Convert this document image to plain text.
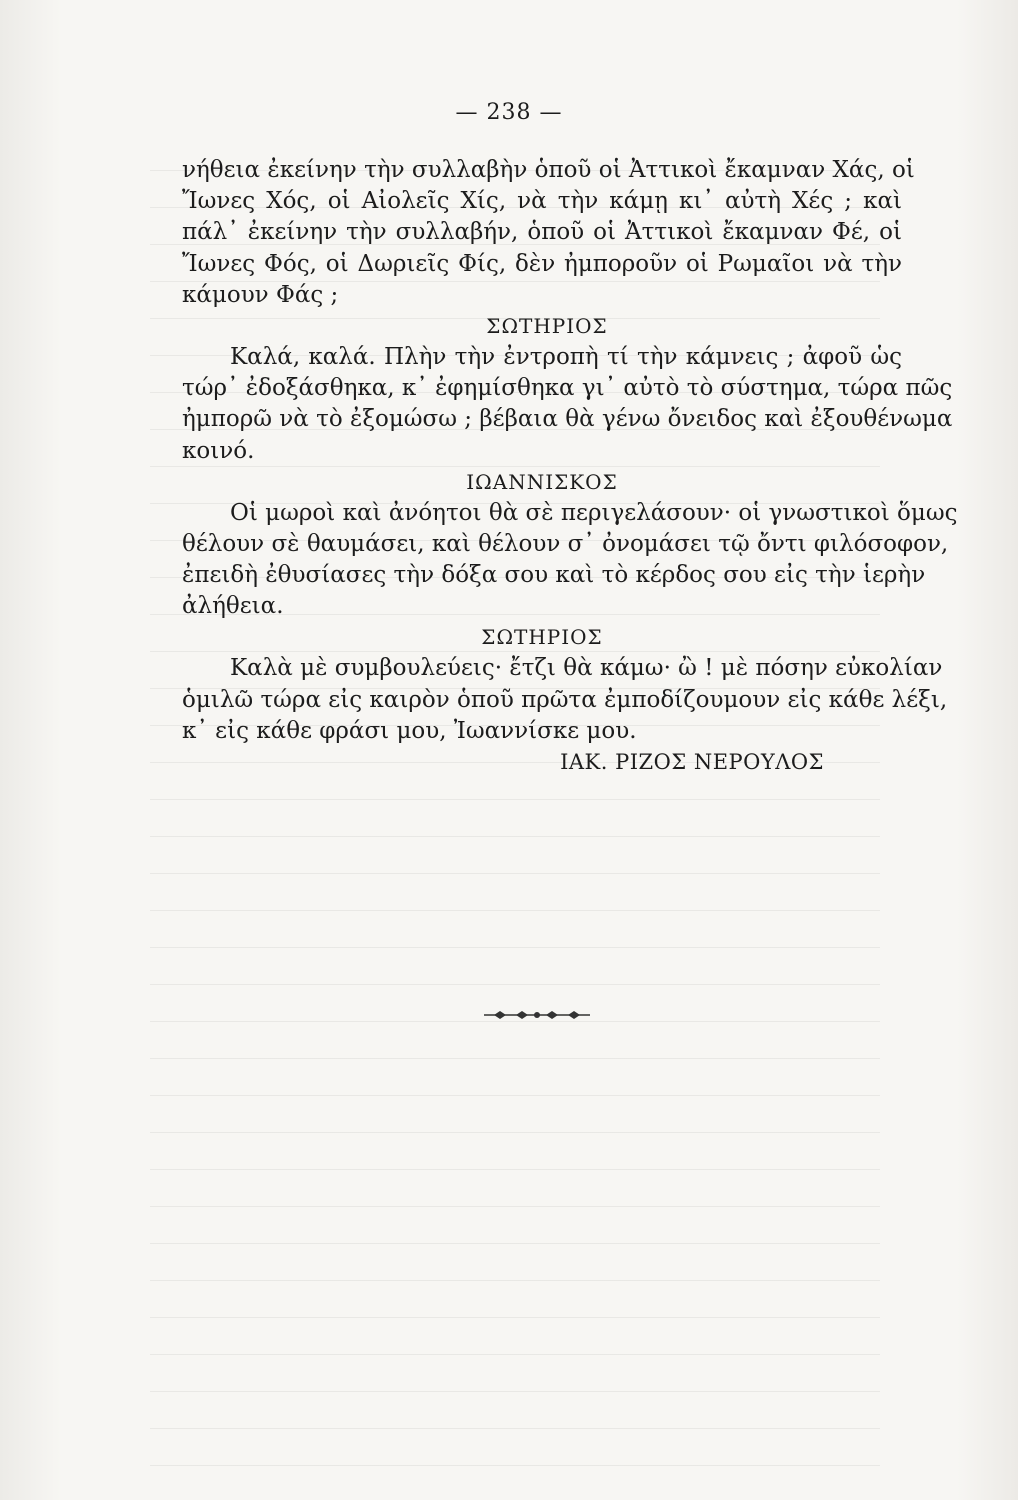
— 238 —
νήθεια ἐκείνην τὴν συλλαβὴν ὁποῦ οἱ Ἀττικοὶ ἔκαμναν Χάς, οἱ
Ἴωνες Χός, οἱ Αἰολεῖς Χίς, νὰ τὴν κάμῃ κι᾽ αὐτὴ Χές ; καὶ
πάλ᾽ ἐκείνην τὴν συλλαβήν, ὁποῦ οἱ Ἀττικοὶ ἔκαμναν Φέ, οἱ
Ἴωνες Φός, οἱ Δωριεῖς Φίς, δὲν ἠμποροῦν οἱ Ρωμαῖοι νὰ τὴν
κάμουν Φάς ;
ΣΩΤΗΡΙΟΣ
Καλά, καλά. Πλὴν τὴν ἐντροπὴ τί τὴν κάμνεις ; ἀφοῦ ὡς
τώρ᾽ ἐδοξάσθηκα, κ᾽ ἐφημίσθηκα γι᾽ αὐτὸ τὸ σύστημα, τώρα πῶς
ἠμπορῶ νὰ τὸ ἐξομώσω ; βέβαια θὰ γένω ὄνειδος καὶ ἐξουθένωμα
κοινό.
ΙΩΑΝΝΙΣΚΟΣ
Οἱ μωροὶ καὶ ἀνόητοι θὰ σὲ περιγελάσουν· οἱ γνωστικοὶ ὅμως
θέλουν σὲ θαυμάσει, καὶ θέλουν σ᾽ ὀνομάσει τῷ ὄντι φιλόσοφον,
ἐπειδὴ ἐθυσίασες τὴν δόξα σου καὶ τὸ κέρδος σου εἰς τὴν ἱερὴν
ἀλήθεια.
ΣΩΤΗΡΙΟΣ
Καλὰ μὲ συμβουλεύεις· ἔτζι θὰ κάμω· ὢ ! μὲ πόσην εὐκολίαν
ὁμιλῶ τώρα εἰς καιρὸν ὁποῦ πρῶτα ἐμποδίζουμουν εἰς κάθε λέξι,
κ᾽ εἰς κάθε φράσι μου, Ἰωαννίσκε μου.
ΙΑΚ. ΡΙΖΟΣ ΝΕΡΟΥΛΟΣ
